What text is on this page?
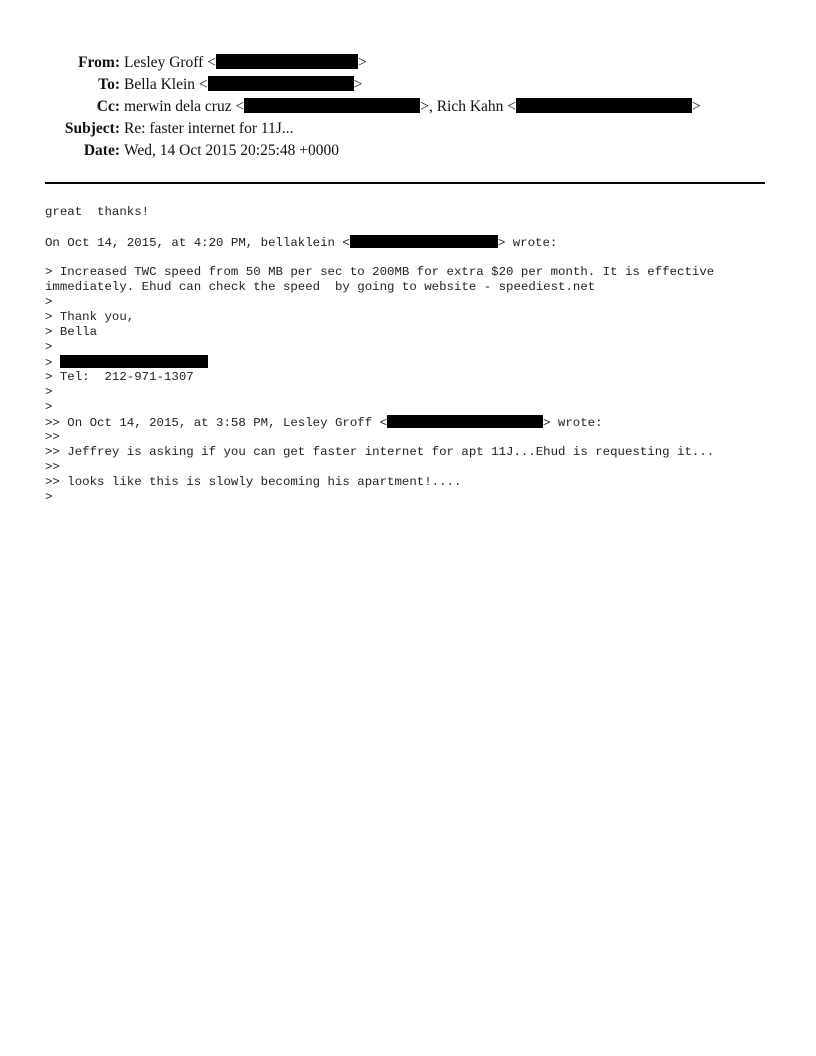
From: Lesley Groff <	>
To: Bella Klein <	>
Cc: merwin dela cruz <	>, Rich Kahn <	>
Subject: Re: faster internet for 11J...
Date: Wed, 14 Oct 2015 20:25:48 +0000
great  thanks!
On Oct 14, 2015, at 4:20 PM, bellaklein <	> wrote:
> Increased TWC speed from 50 MB per sec to 200MB for extra $20 per month. It is effective
immediately. Ehud can check the speed  by going to website - speediest.net
>
> Thank you,
> Bella
>
>
> Tel:  212-971-1307
>
>
>> On Oct 14, 2015, at 3:58 PM, Lesley Groff <	> wrote:
>>
>> Jeffrey is asking if you can get faster internet for apt 11J...Ehud is requesting it...
>>
>> looks like this is slowly becoming his apartment!....
>
